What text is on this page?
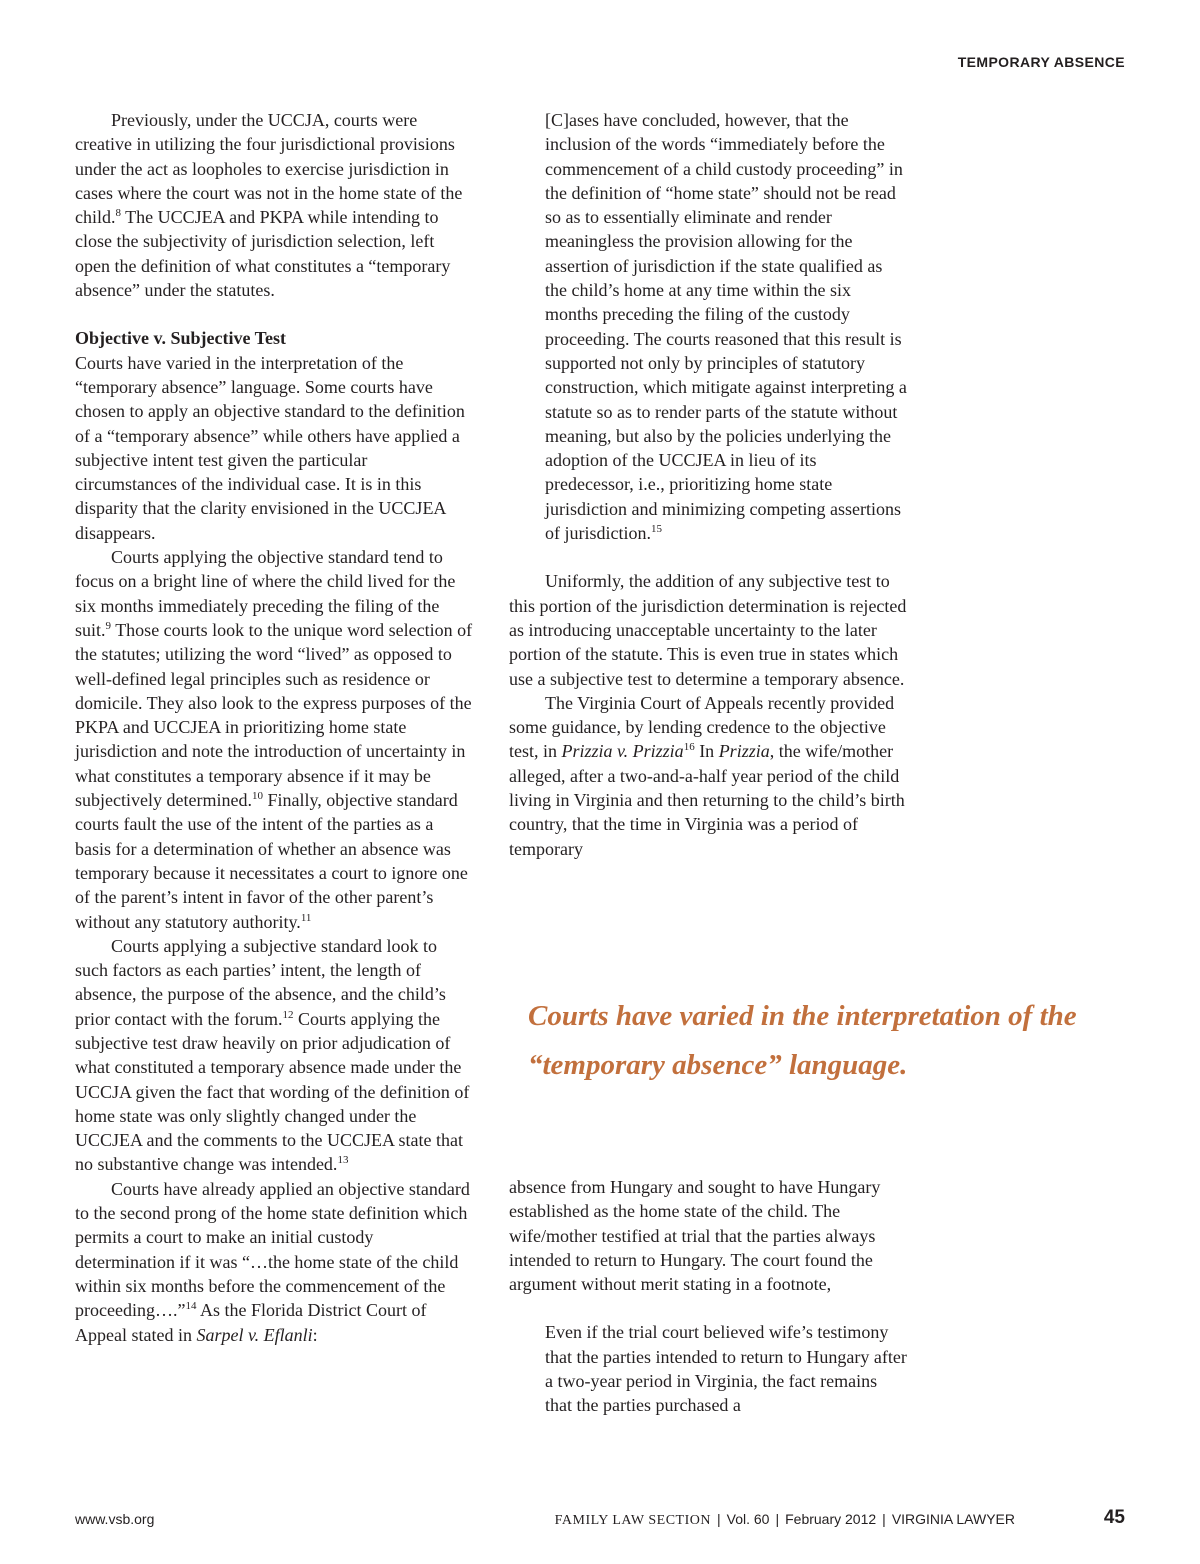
TEMPORARY ABSENCE

Previously, under the UCCJA, courts were creative in utilizing the four jurisdictional provisions under the act as loopholes to exercise jurisdiction in cases where the court was not in the home state of the child.$^8$ The UCCJEA and PKPA while intending to close the subjectivity of jurisdiction selection, left open the definition of what constitutes a “temporary absence” under the statutes.

Objective v. Subjective Test

Courts have varied in the interpretation of the “temporary absence” language. Some courts have chosen to apply an objective standard to the definition of a “temporary absence” while others have applied a subjective intent test given the particular circumstances of the individual case. It is in this disparity that the clarity envisioned in the UCCJEA disappears.

Courts applying the objective standard tend to focus on a bright line of where the child lived for the six months immediately preceding the filing of the suit.$^9$ Those courts look to the unique word selection of the statutes; utilizing the word “lived” as opposed to well-defined legal principles such as residence or domicile. They also look to the express purposes of the PKPA and UCCJEA in prioritizing home state jurisdiction and note the introduction of uncertainty in what constitutes a temporary absence if it may be subjectively determined.$^{10}$ Finally, objective standard courts fault the use of the intent of the parties as a basis for a determination of whether an absence was temporary because it necessitates a court to ignore one of the parent’s intent in favor of the other parent’s without any statutory authority.$^{11}$

Courts applying a subjective standard look to such factors as each parties’ intent, the length of absence, the purpose of the absence, and the child’s prior contact with the forum.$^{12}$ Courts applying the subjective test draw heavily on prior adjudication of what constituted a temporary absence made under the UCCJA given the fact that wording of the definition of home state was only slightly changed under the UCCJEA and the comments to the UCCJEA state that no substantive change was intended.$^{13}$

Courts have already applied an objective standard to the second prong of the home state definition which permits a court to make an initial custody determination if it was “…the home state of the child within six months before the commencement of the proceeding….”$^{14}$ As the Florida District Court of Appeal stated in Sarpel v. Eflanli:

[C]ases have concluded, however, that the inclusion of the words “immediately before the commencement of a child custody proceeding” in the definition of “home state” should not be read so as to essentially eliminate and render meaningless the provision allowing for the assertion of jurisdiction if the state qualified as the child’s home at any time within the six months preceding the filing of the custody proceeding. The courts reasoned that this result is supported not only by principles of statutory construction, which mitigate against interpreting a statute so as to render parts of the statute without meaning, but also by the policies underlying the adoption of the UCCJEA in lieu of its predecessor, i.e., prioritizing home state jurisdiction and minimizing competing assertions of jurisdiction.$^{15}$

Uniformly, the addition of any subjective test to this portion of the jurisdiction determination is rejected as introducing unacceptable uncertainty to the later portion of the statute. This is even true in states which use a subjective test to determine a temporary absence.

The Virginia Court of Appeals recently provided some guidance, by lending credence to the objective test, in Prizzia v. Prizzia$^{16}$ In Prizzia, the wife/mother alleged, after a two-and-a-half year period of the child living in Virginia and then returning to the child’s birth country, that the time in Virginia was a period of temporary

Courts have varied in the interpretation of the “temporary absence” language.

absence from Hungary and sought to have Hungary established as the home state of the child. The wife/mother testified at trial that the parties always intended to return to Hungary. The court found the argument without merit stating in a footnote,

Even if the trial court believed wife’s testimony that the parties intended to return to Hungary after a two-year period in Virginia, the fact remains that the parties purchased a

www.vsb.org	FAMILY LAW SECTION | Vol. 60 | February 2012 | VIRGINIA LAWYER	45
